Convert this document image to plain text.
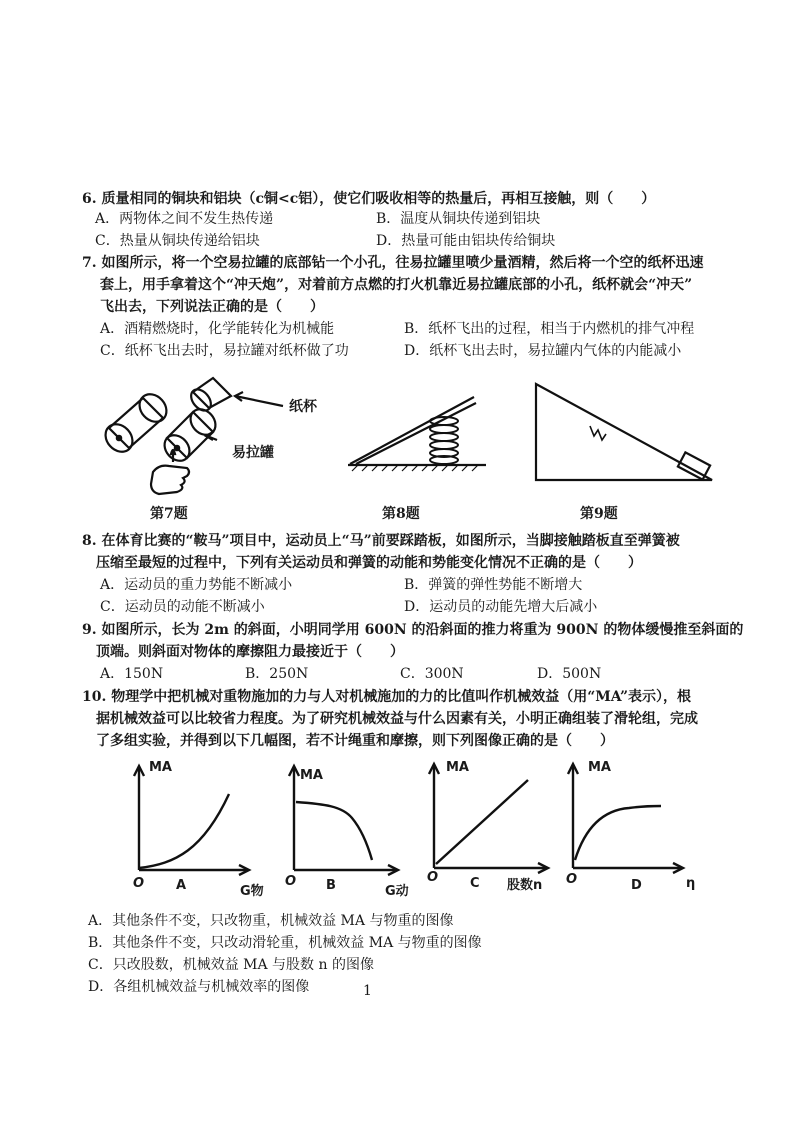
6. 质量相同的铜块和铝块（c铜<c铝），使它们吸收相等的热量后，再相互接触，则（　　）
A．两物体之间不发生热传递	B．温度从铜块传递到铝块
C．热量从铜块传递给铝块	D．热量可能由铝块传给铜块
7. 如图所示，将一个空易拉罐的底部钻一个小孔，往易拉罐里喷少量酒精，然后将一个空的纸杯迅速
套上，用手拿着这个“冲天炮”，对着前方点燃的打火机靠近易拉罐底部的小孔，纸杯就会“冲天”
飞出去，下列说法正确的是（　　）
A．酒精燃烧时，化学能转化为机械能	B．纸杯飞出的过程，相当于内燃机的排气冲程
C．纸杯飞出去时，易拉罐对纸杯做了功	D．纸杯飞出去时，易拉罐内气体的内能减小
纸杯
易拉罐
第7题	第8题	第9题
8. 在体育比赛的“鞍马”项目中，运动员上“马”前要踩踏板，如图所示，当脚接触踏板直至弹簧被
压缩至最短的过程中，下列有关运动员和弹簧的动能和势能变化情况不正确的是（　　）
A．运动员的重力势能不断减小	B．弹簧的弹性势能不断增大
C．运动员的动能不断减小	D．运动员的动能先增大后减小
9. 如图所示，长为 2m 的斜面，小明同学用 600N 的沿斜面的推力将重为 900N 的物体缓慢推至斜面的
顶端。则斜面对物体的摩擦阻力最接近于（　　）
A．150N	B．250N	C．300N	D．500N
10. 物理学中把机械对重物施加的力与人对机械施加的力的比值叫作机械效益（用“MA”表示），根
据机械效益可以比较省力程度。为了研究机械效益与什么因素有关，小明正确组装了滑轮组，完成
了多组实验，并得到以下几幅图，若不计绳重和摩擦，则下列图像正确的是（　　）
MA
O A	G物
MA
O B	G动
MA
O C 股数n
MA
O	D	η
A．其他条件不变，只改物重，机械效益 MA 与物重的图像
B．其他条件不变，只改动滑轮重，机械效益 MA 与物重的图像
C．只改股数，机械效益 MA 与股数 n 的图像
D．各组机械效益与机械效率的图像	1
